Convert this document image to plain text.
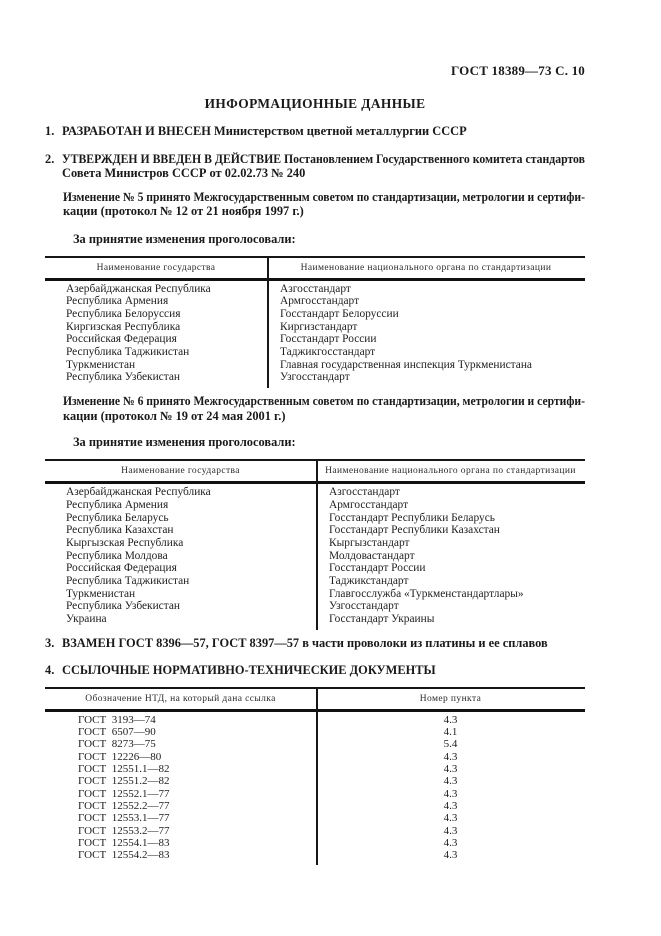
ГОСТ 18389—73 С. 10
ИНФОРМАЦИОННЫЕ ДАННЫЕ
1. РАЗРАБОТАН И ВНЕСЕН Министерством цветной металлургии СССР
2. УТВЕРЖДЕН И ВВЕДЕН В ДЕЙСТВИЕ Постановлением Государственного комитета стандартов
Совета Министров СССР от 02.02.73 № 240
Изменение № 5 принято Межгосударственным советом по стандартизации, метрологии и сертифи-
кации (протокол № 12 от 21 ноября 1997 г.)
За принятие изменения проголосовали:
Наименование государства	Наименование национального органа по стандартизации
Азербайджанская Республика	Азгосстандарт
Республика Армения	Армгосстандарт
Республика Белоруссия	Госстандарт Белоруссии
Киргизская Республика	Киргизстандарт
Российская Федерация	Госстандарт России
Республика Таджикистан	Таджикгосстандарт
Туркменистан	Главная государственная инспекция Туркменистана
Республика Узбекистан	Узгосстандарт
Изменение № 6 принято Межгосударственным советом по стандартизации, метрологии и сертифи-
кации (протокол № 19 от 24 мая 2001 г.)
За принятие изменения проголосовали:
Наименование государства	Наименование национального органа по стандартизации
Азербайджанская Республика	Азгосстандарт
Республика Армения	Армгосстандарт
Республика Беларусь	Госстандарт Республики Беларусь
Республика Казахстан	Госстандарт Республики Казахстан
Кыргызская Республика	Кыргызстандарт
Республика Молдова	Молдовастандарт
Российская Федерация	Госстандарт России
Республика Таджикистан	Таджикстандарт
Туркменистан	Главгосслужба «Туркменстандартлары»
Республика Узбекистан	Узгосстандарт
Украина	Госстандарт Украины
3. ВЗАМЕН ГОСТ 8396—57, ГОСТ 8397—57 в части проволоки из платины и ее сплавов
4. ССЫЛОЧНЫЕ НОРМАТИВНО-ТЕХНИЧЕСКИЕ ДОКУМЕНТЫ
Обозначение НТД, на который дана ссылка	Номер пункта
ГОСТ  3193—74	4.3
ГОСТ  6507—90	4.1
ГОСТ  8273—75	5.4
ГОСТ  12226—80	4.3
ГОСТ  12551.1—82	4.3
ГОСТ  12551.2—82	4.3
ГОСТ  12552.1—77	4.3
ГОСТ  12552.2—77	4.3
ГОСТ  12553.1—77	4.3
ГОСТ  12553.2—77	4.3
ГОСТ  12554.1—83	4.3
ГОСТ  12554.2—83	4.3
